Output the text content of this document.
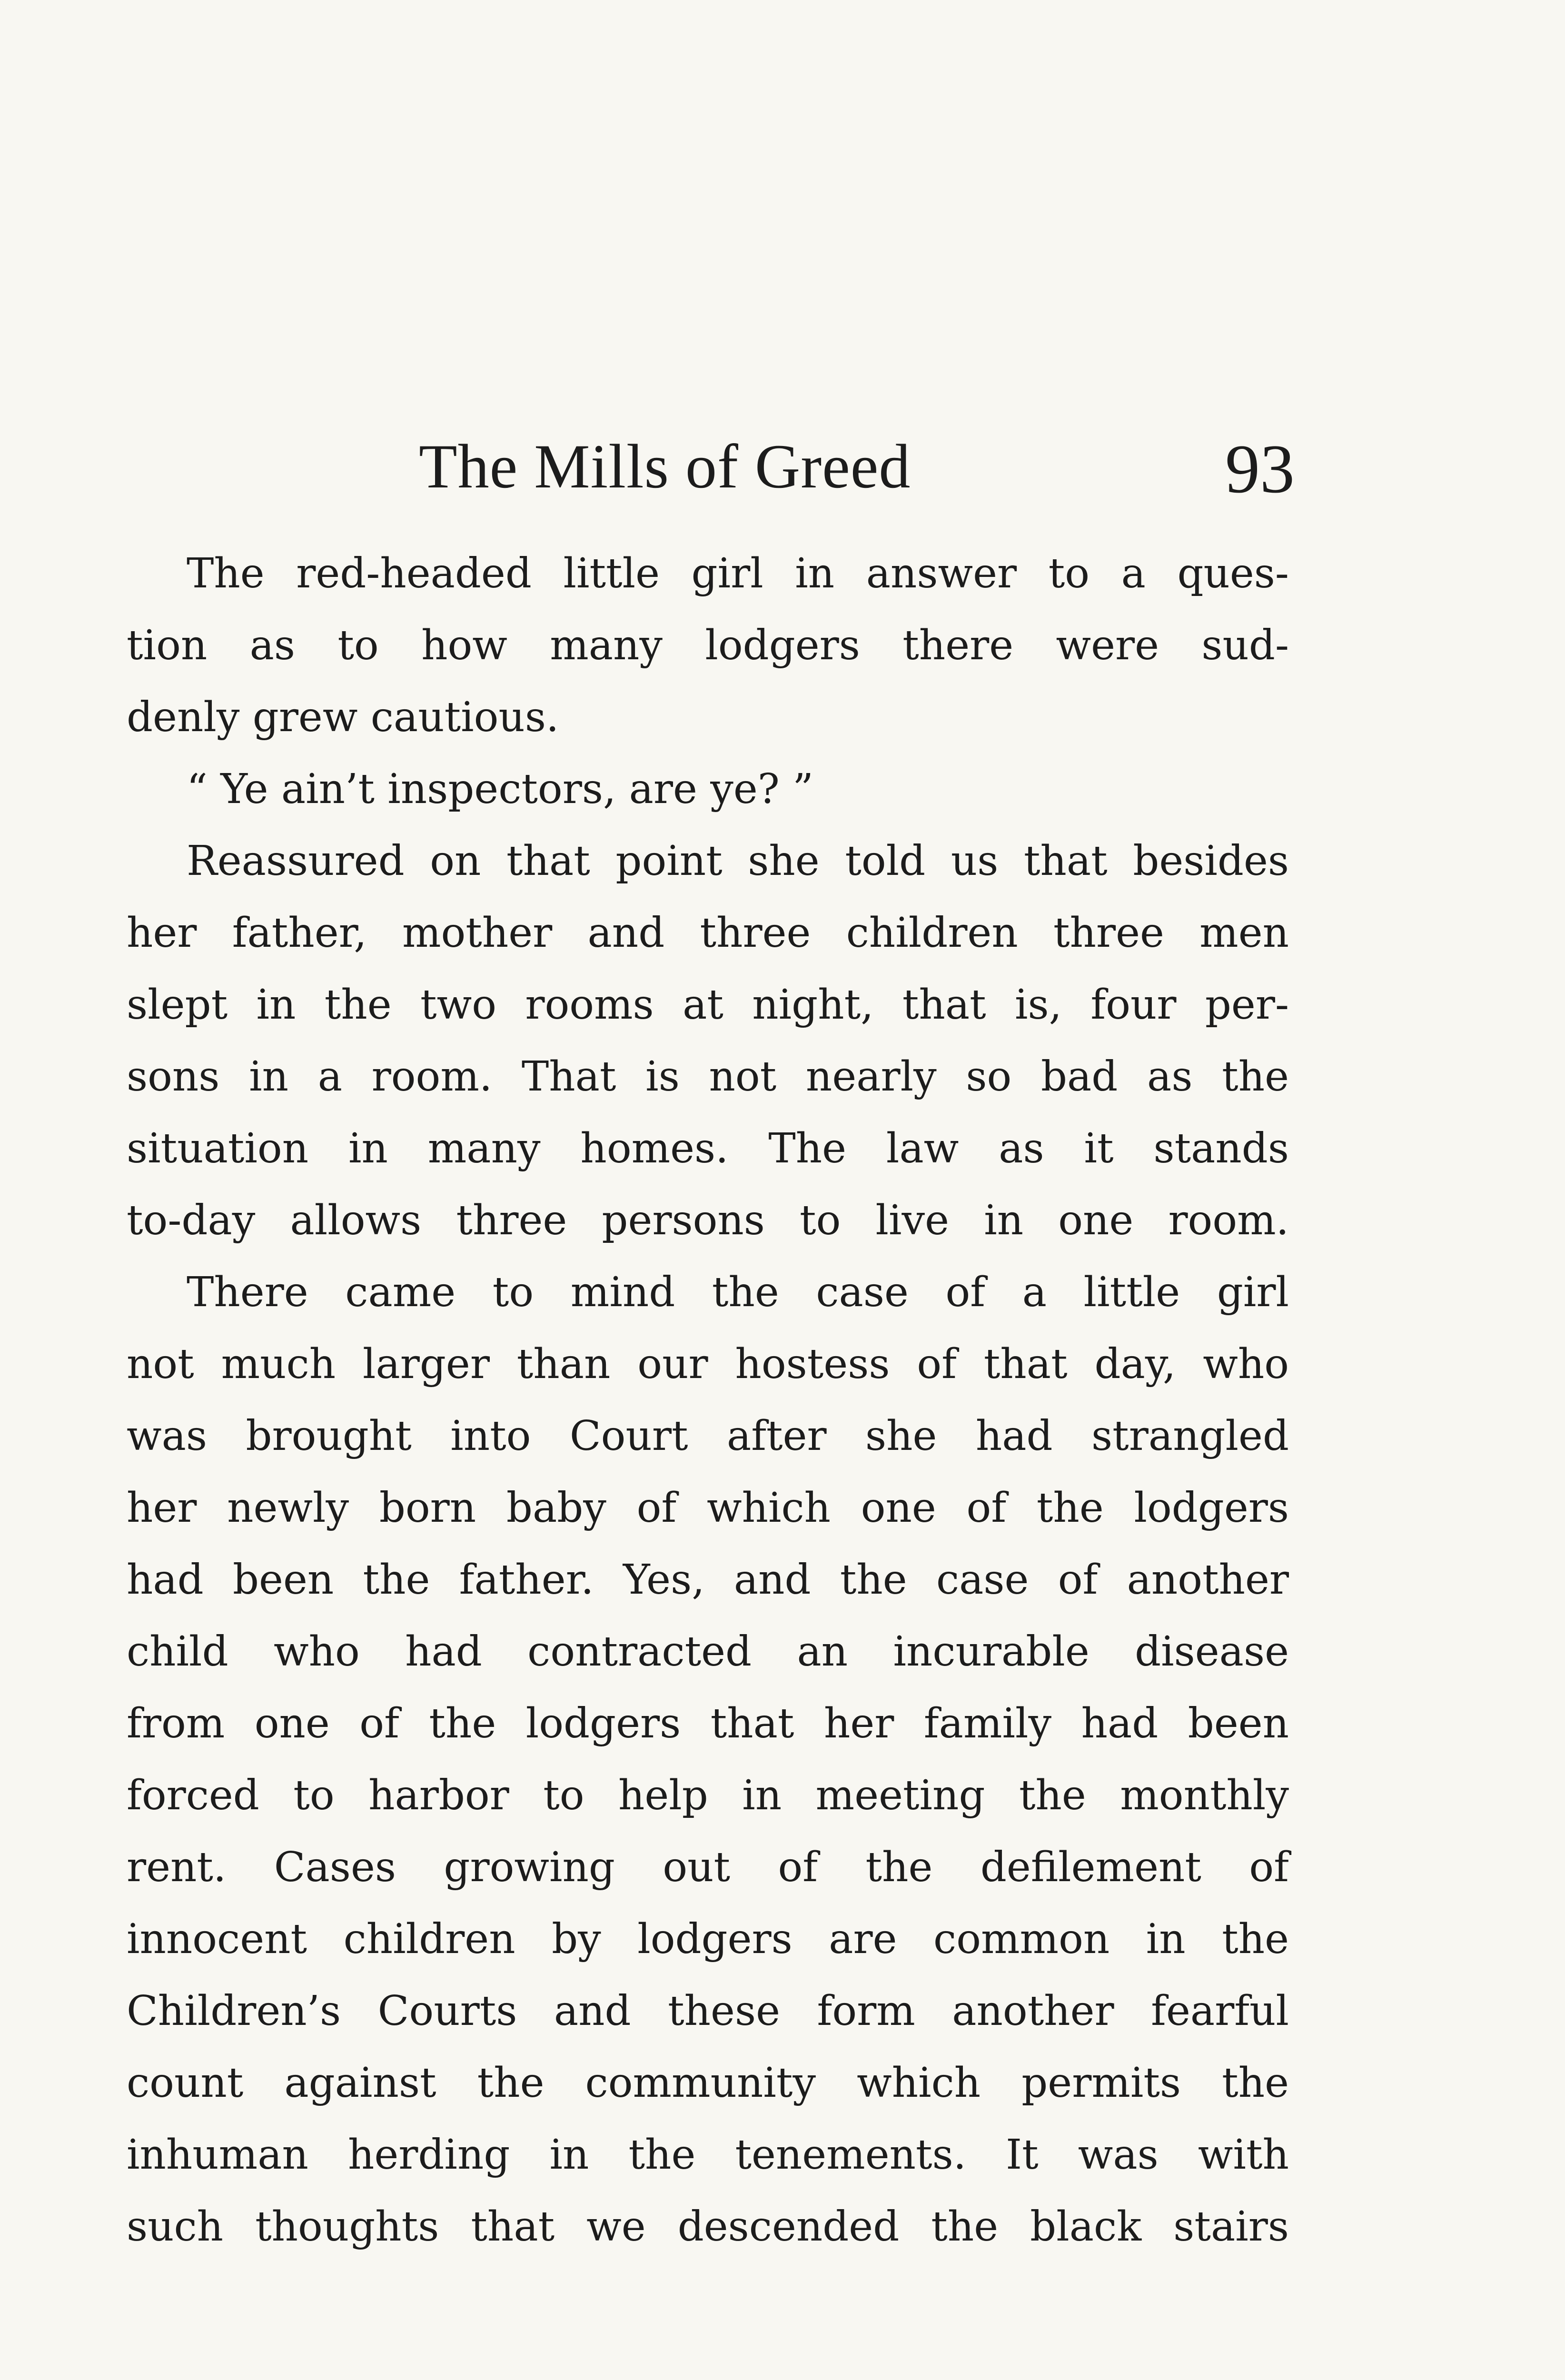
The Mills of Greed	93
The red-headed little girl in answer to a ques-
tion as to how many lodgers there were sud-
denly grew cautious.
“ Ye ain’t inspectors, are ye? ”
Reassured on that point she told us that besides
her father, mother and three children three men
slept in the two rooms at night, that is, four per-
sons in a room. That is not nearly so bad as the
situation in many homes. The law as it stands
to-day allows three persons to live in one room.
There came to mind the case of a little girl
not much larger than our hostess of that day, who
was brought into Court after she had strangled
her newly born baby of which one of the lodgers
had been the father. Yes, and the case of another
child who had contracted an incurable disease
from one of the lodgers that her family had been
forced to harbor to help in meeting the monthly
rent. Cases growing out of the defilement of
innocent children by lodgers are common in the
Children’s Courts and these form another fearful
count against the community which permits the
inhuman herding in the tenements. It was with
such thoughts that we descended the black stairs
